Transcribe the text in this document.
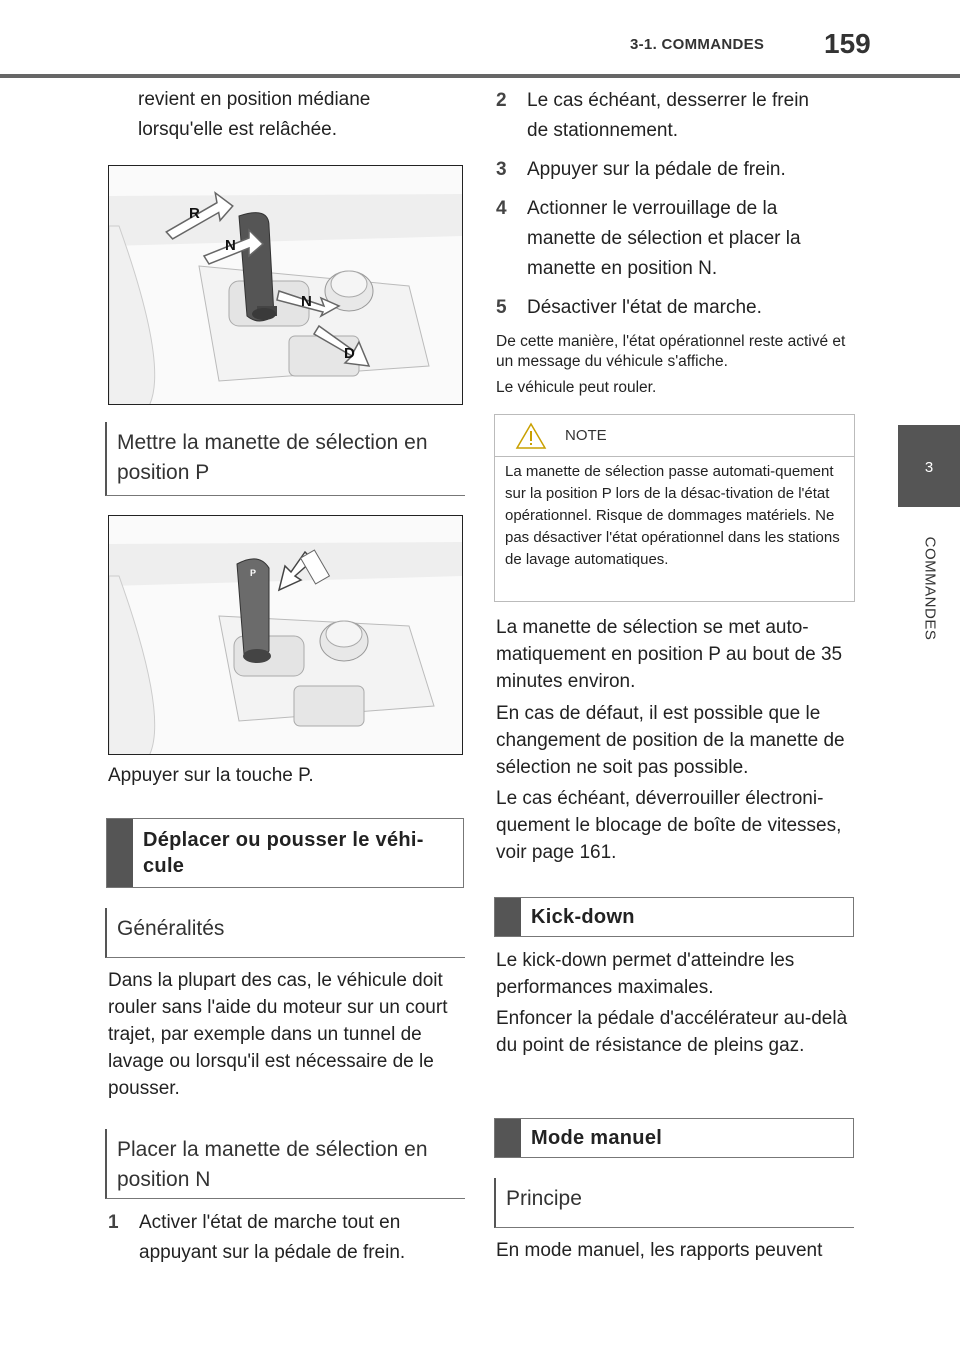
3-1. COMMANDES 159
3
COMMANDES
revient en position médiane
lorsqu'elle est relâchée.
R
N
N
D
Mettre la manette de sélection en position P
P
Appuyer sur la touche P.
Déplacer ou pousser le véhi-cule
Généralités
Dans la plupart des cas, le véhicule doit rouler sans l'aide du moteur sur un court trajet, par exemple dans un tunnel de lavage ou lorsqu'il est nécessaire de le pousser.
Placer la manette de sélection en position N
1 Activer l'état de marche tout en
appuyant sur la pédale de frein.
2 Le cas échéant, desserrer le frein
de stationnement.
3 Appuyer sur la pédale de frein.
4 Actionner le verrouillage de la
manette de sélection et placer la
manette en position N.
5 Désactiver l'état de marche.
De cette manière, l'état opérationnel reste activé et un message du véhicule s'affiche.
Le véhicule peut rouler.
NOTE
La manette de sélection passe automati-quement sur la position P lors de la désac-tivation de l'état opérationnel. Risque de dommages matériels. Ne pas désactiver l'état opérationnel dans les stations de lavage automatiques.
La manette de sélection se met auto-matiquement en position P au bout de 35 minutes environ.
En cas de défaut, il est possible que le changement de position de la manette de sélection ne soit pas possible.
Le cas échéant, déverrouiller électroni-quement le blocage de boîte de vitesses, voir page 161.
Kick-down
Le kick-down permet d'atteindre les performances maximales.
Enfoncer la pédale d'accélérateur au-delà du point de résistance de pleins gaz.
Mode manuel
Principe
En mode manuel, les rapports peuvent
